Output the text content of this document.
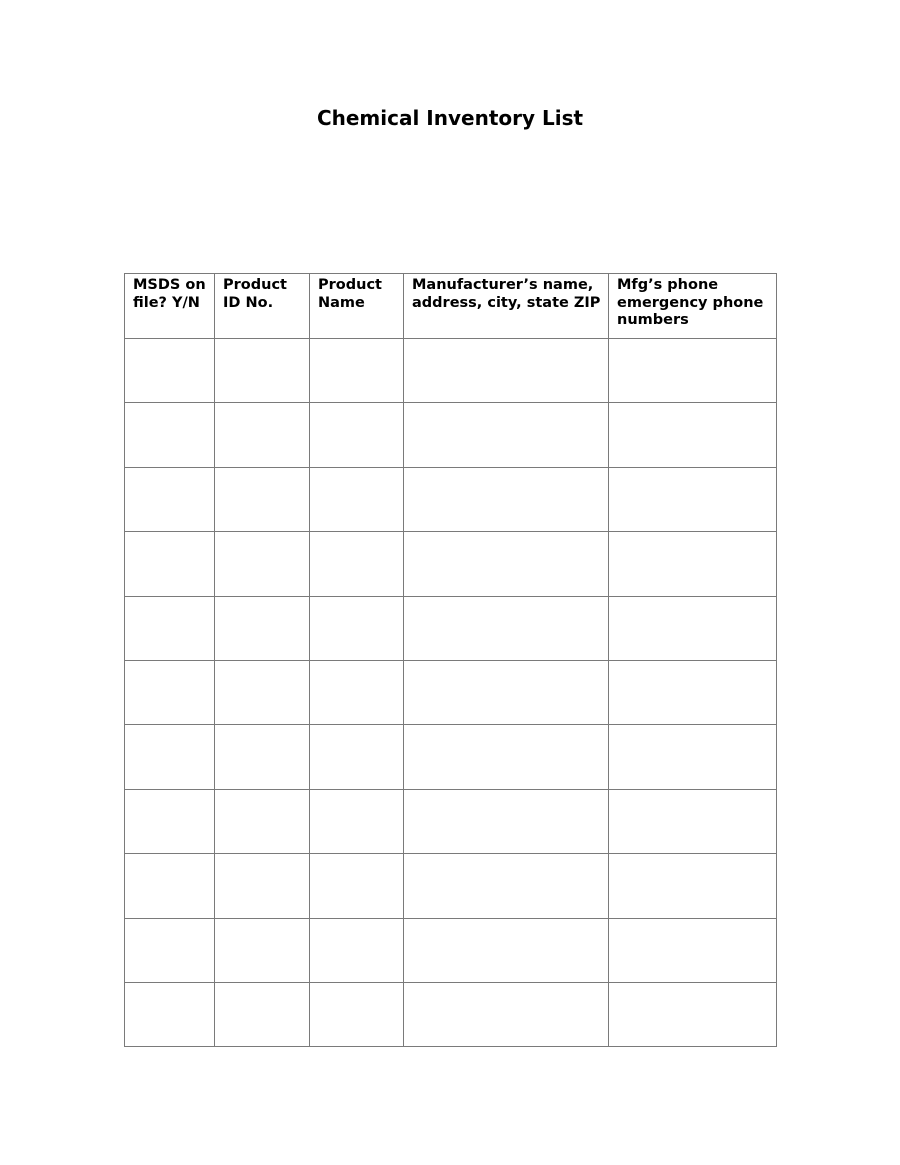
Chemical Inventory List
MSDS on file? Y/N	Product ID No.	Product Name	Manufacturer’s name, address, city, state ZIP	Mfg’s phone emergency phone numbers
